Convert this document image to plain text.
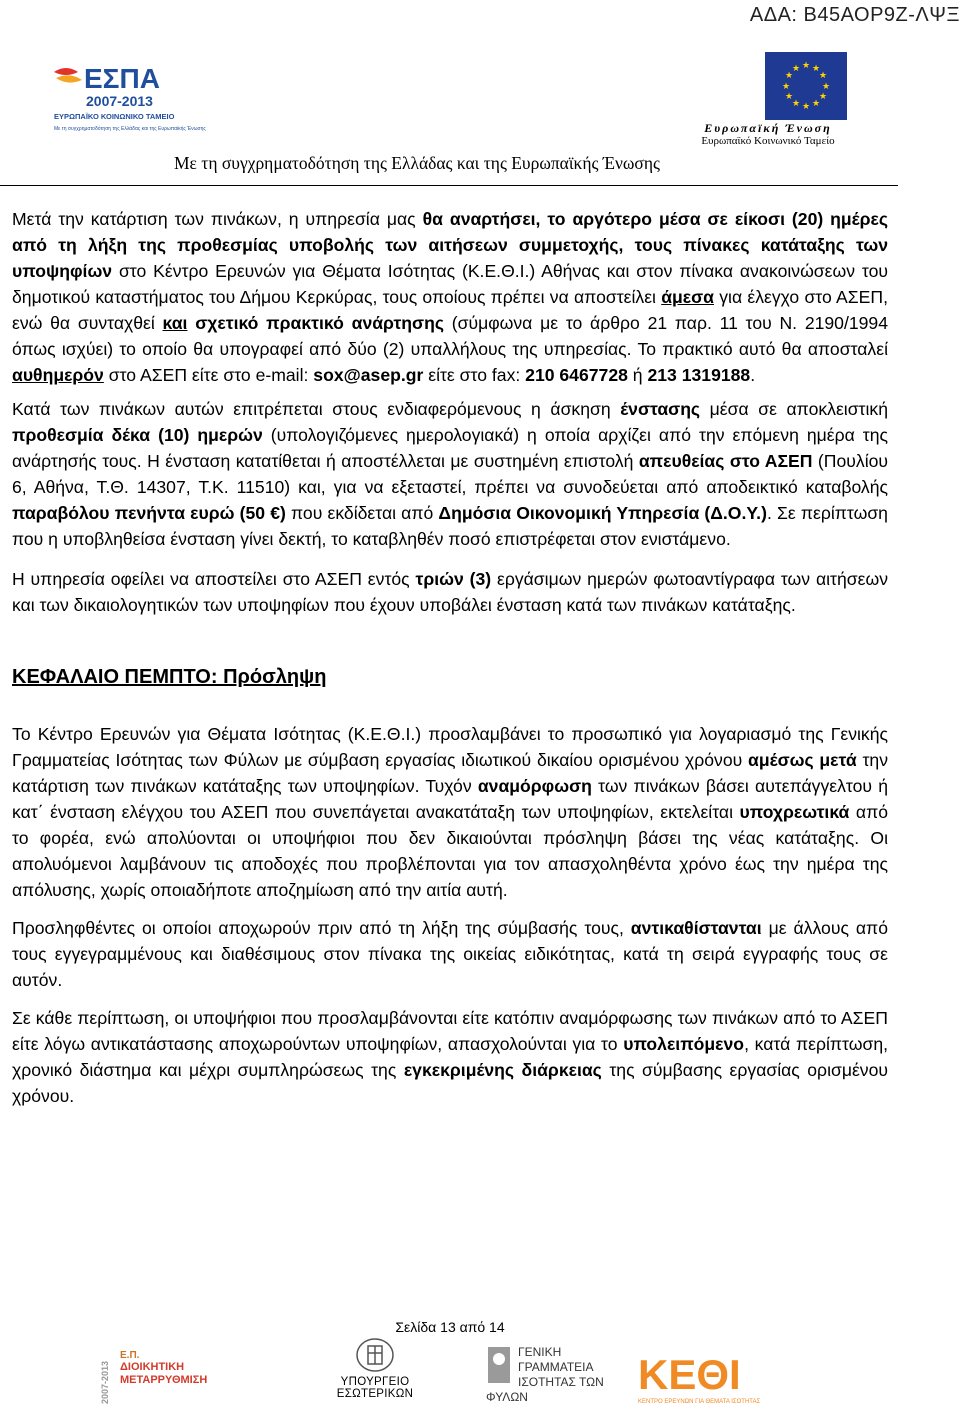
ΑΔΑ: Β45ΑΟΡ9Ζ-ΛΨΞ
ΕΣΠΑ
2007-2013
ΕΥΡΩΠΑΪΚΟ ΚΟΙΝΩΝΙΚΟ ΤΑΜΕΙΟ
Με τη συγχρηματοδότηση της Ελλάδας και της Ευρωπαϊκής Ένωσης
★ ★
★
★
★
★
★
★
★
★
★
★
Ευρωπαϊκή Ένωση
Ευρωπαϊκό Κοινωνικό Ταμείο
Με τη συγχρηματοδότηση της Ελλάδας και της Ευρωπαϊκής Ένωσης

Μετά την κατάρτιση των πινάκων, η υπηρεσία μας θα αναρτήσει, το αργότερο μέσα σε είκοσι (20) ημέρες από τη λήξη της προθεσμίας υποβολής των αιτήσεων συμμετοχής, τους πίνακες κατάταξης των υποψηφίων στο Κέντρο Ερευνών για Θέματα Ισότητας (Κ.Ε.Θ.Ι.) Αθήνας και στον πίνακα ανακοινώσεων του δημοτικού καταστήματος του Δήμου Κερκύρας, τους οποίους πρέπει να αποστείλει άμεσα για έλεγχο στο ΑΣΕΠ, ενώ θα συνταχθεί και σχετικό πρακτικό ανάρτησης (σύμφωνα με το άρθρο 21 παρ. 11 του Ν. 2190/1994 όπως ισχύει) το οποίο θα υπογραφεί από δύο (2) υπαλλήλους της υπηρεσίας. Το πρακτικό αυτό θα αποσταλεί αυθημερόν στο ΑΣΕΠ είτε στο e-mail: sox@asep.gr είτε στο fax: 210 6467728 ή 213 1319188.

Κατά των πινάκων αυτών επιτρέπεται στους ενδιαφερόμενους η άσκηση ένστασης μέσα σε αποκλειστική προθεσμία δέκα (10) ημερών (υπολογιζόμενες ημερολογιακά) η οποία αρχίζει από την επόμενη ημέρα της ανάρτησής τους. Η ένσταση κατατίθεται ή αποστέλλεται με συστημένη επιστολή απευθείας στο ΑΣΕΠ (Πουλίου 6, Αθήνα, Τ.Θ. 14307, Τ.Κ. 11510) και, για να εξεταστεί, πρέπει να συνοδεύεται από αποδεικτικό καταβολής παραβόλου πενήντα ευρώ (50 €) που εκδίδεται από Δημόσια Οικονομική Υπηρεσία (Δ.Ο.Υ.). Σε περίπτωση που η υποβληθείσα ένσταση γίνει δεκτή, το καταβληθέν ποσό επιστρέφεται στον ενιστάμενο.

Η υπηρεσία οφείλει να αποστείλει στο ΑΣΕΠ εντός τριών (3) εργάσιμων ημερών φωτοαντίγραφα των αιτήσεων και των δικαιολογητικών των υποψηφίων που έχουν υποβάλει ένσταση κατά των πινάκων κατάταξης.

ΚΕΦΑΛΑΙΟ ΠΕΜΠΤΟ: Πρόσληψη

Το Κέντρο Ερευνών για Θέματα Ισότητας (Κ.Ε.Θ.Ι.) προσλαμβάνει το προσωπικό για λογαριασμό της Γενικής Γραμματείας Ισότητας των Φύλων με σύμβαση εργασίας ιδιωτικού δικαίου ορισμένου χρόνου αμέσως μετά την κατάρτιση των πινάκων κατάταξης των υποψηφίων. Τυχόν αναμόρφωση των πινάκων βάσει αυτεπάγγελτου ή κατ΄ ένσταση ελέγχου του ΑΣΕΠ που συνεπάγεται ανακατάταξη των υποψηφίων, εκτελείται υποχρεωτικά από το φορέα, ενώ απολύονται οι υποψήφιοι που δεν δικαιούνται πρόσληψη βάσει της νέας κατάταξης. Οι απολυόμενοι λαμβάνουν τις αποδοχές που προβλέπονται για τον απασχοληθέντα χρόνο έως την ημέρα της απόλυσης, χωρίς οποιαδήποτε αποζημίωση από την αιτία αυτή.

Προσληφθέντες οι οποίοι αποχωρούν πριν από τη λήξη της σύμβασής τους, αντικαθίστανται με άλλους από τους εγγεγραμμένους και διαθέσιμους στον πίνακα της οικείας ειδικότητας, κατά τη σειρά εγγραφής τους σε αυτόν.

Σε κάθε περίπτωση, οι υποψήφιοι που προσλαμβάνονται είτε κατόπιν αναμόρφωσης των πινάκων από το ΑΣΕΠ είτε λόγω αντικατάστασης αποχωρούντων υποψηφίων, απασχολούνται για το υπολειπόμενο, κατά περίπτωση, χρονικό διάστημα και μέχρι συμπληρώσεως της εγκεκριμένης διάρκειας της σύμβασης εργασίας ορισμένου χρόνου.

Σελίδα 13 από 14
2007-2013
Ε.Π.
ΔΙΟΙΚΗΤΙΚΗ
ΜΕΤΑΡΡΥΘΜΙΣΗ	ΥΠΟΥΡΓΕΙΟ ΕΣΩΤΕΡΙΚΩΝ
ΓΕΝΙΚΗ ΓΡΑΜΜΑΤΕΙΑ
ΙΣΟΤΗΤΑΣ ΤΩΝ ΦΥΛΩΝ	ΚΕΘΙ
ΚΕΝΤΡΟ ΕΡΕΥΝΩΝ ΓΙΑ ΘΕΜΑΤΑ ΙΣΟΤΗΤΑΣ
